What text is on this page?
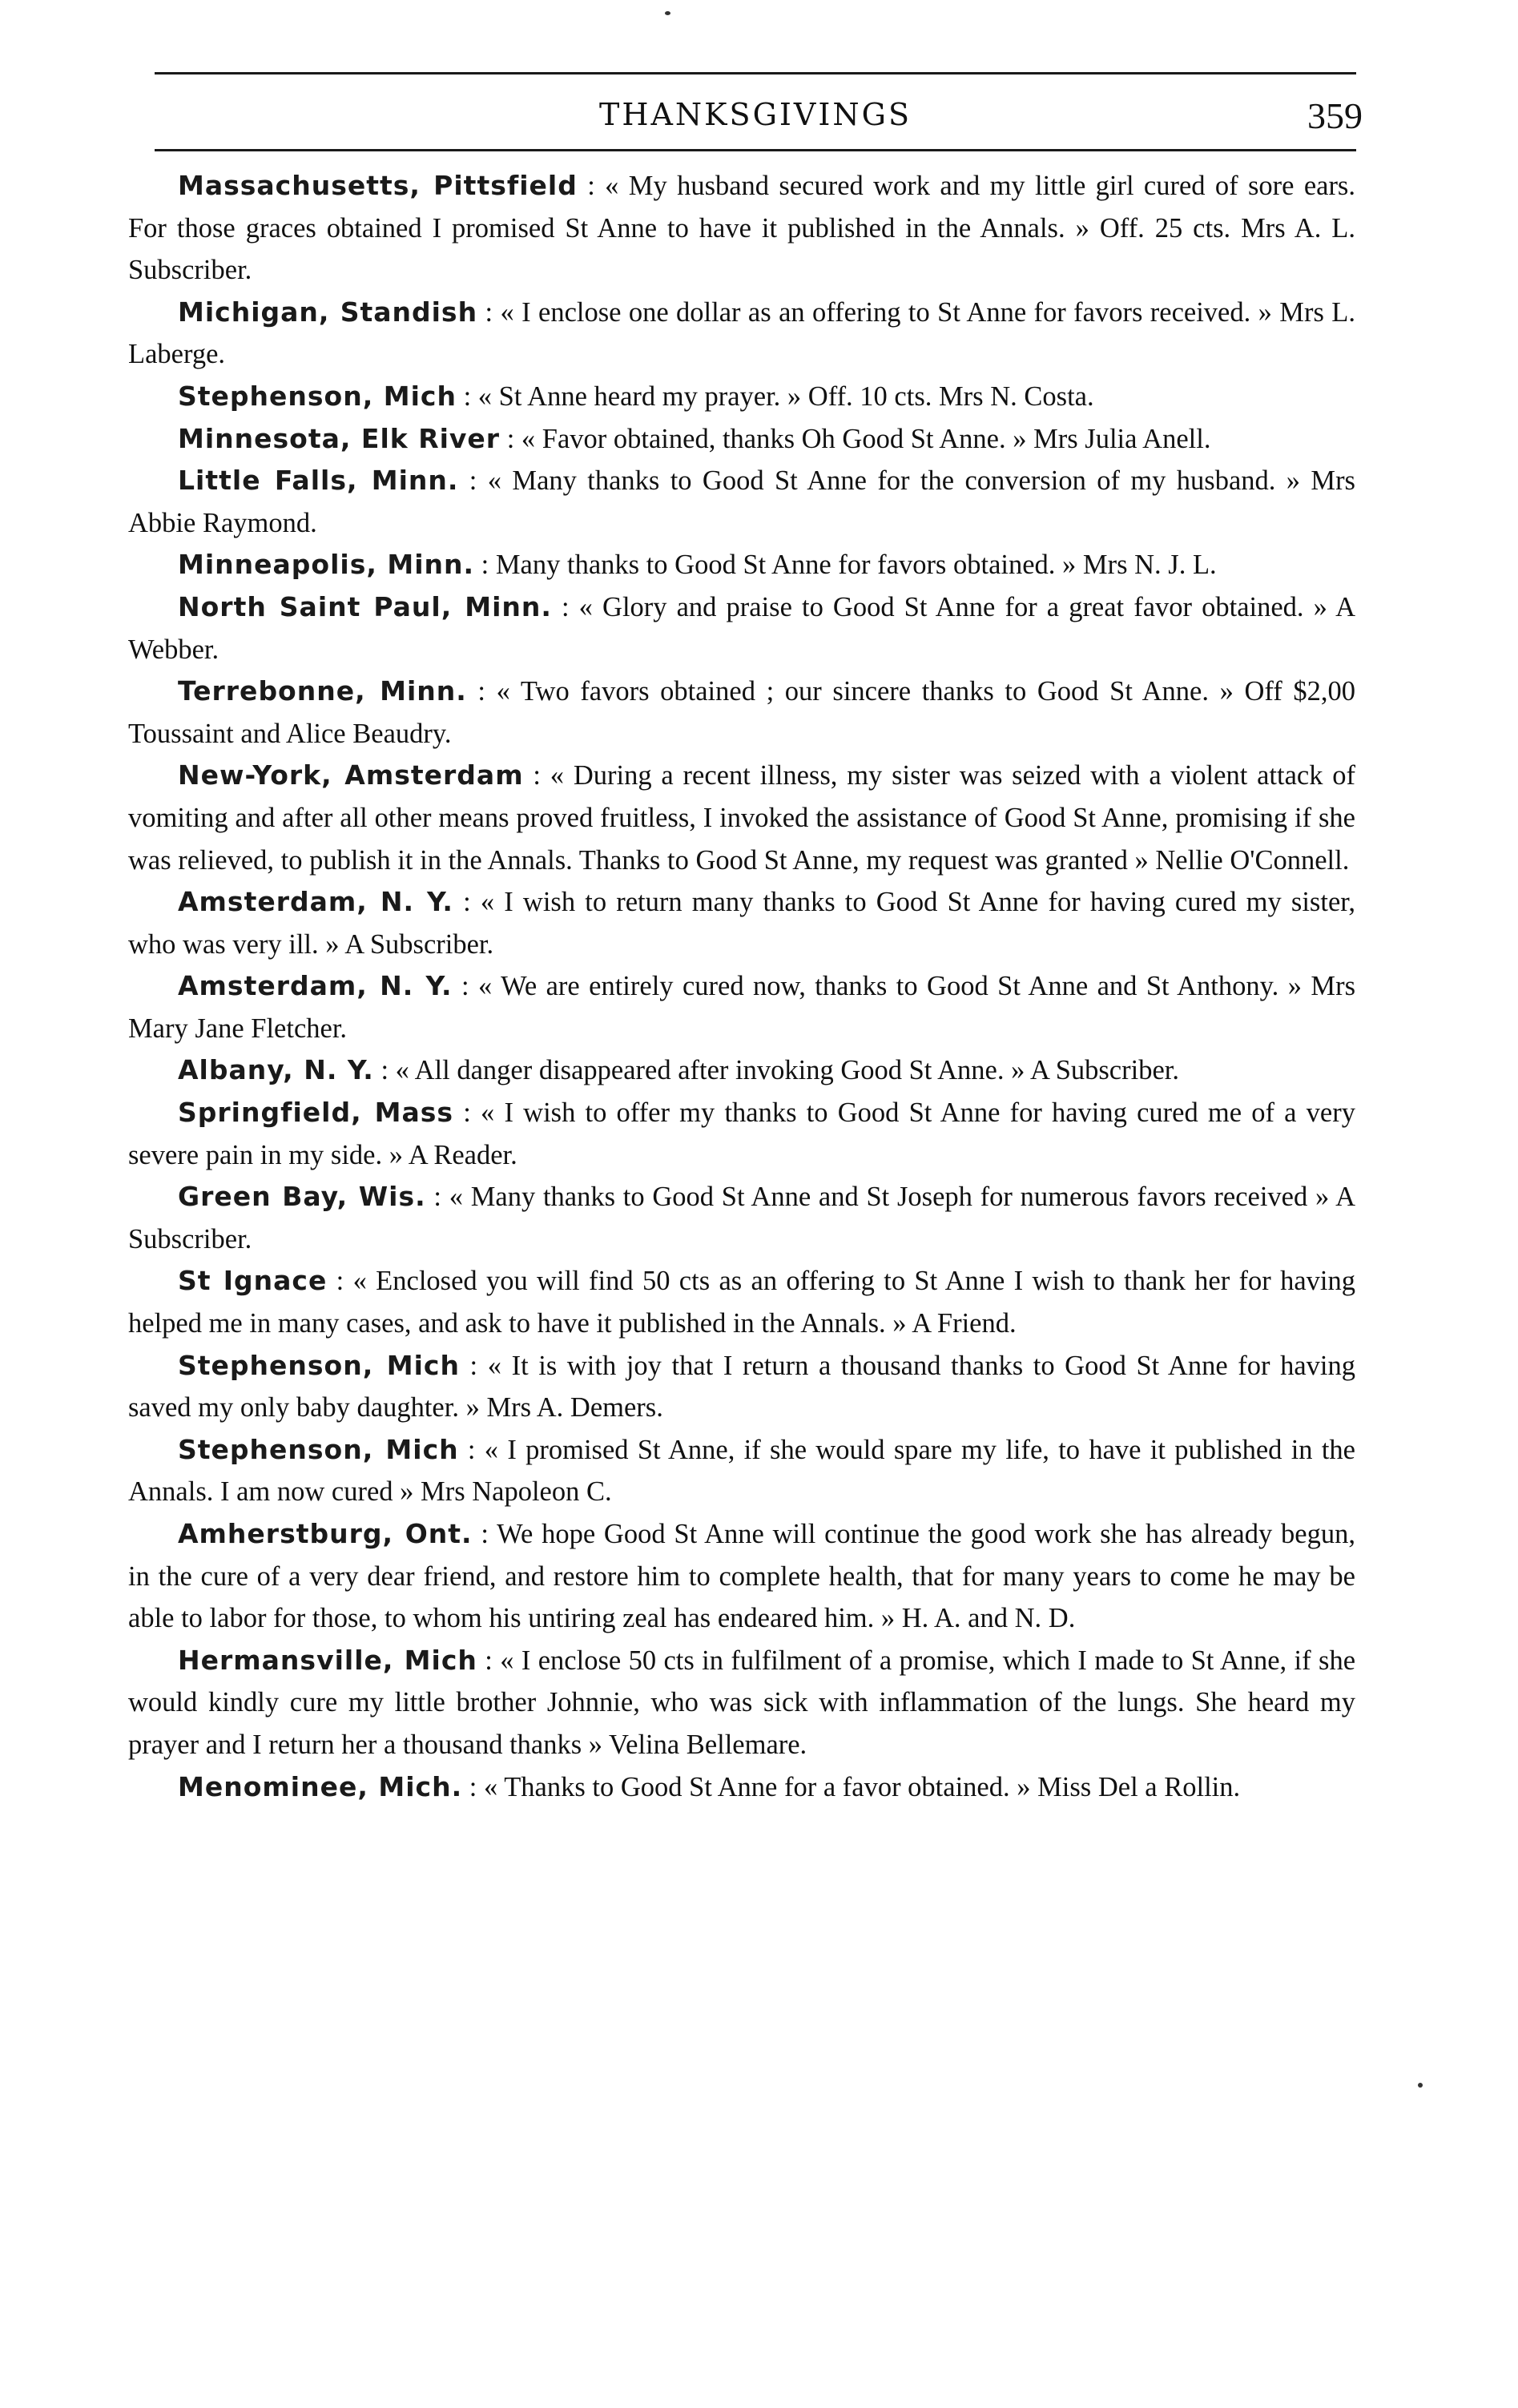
THANKSGIVINGS	359

Massachusetts, Pittsfield : « My husband secured work and my little girl cured of sore ears. For those graces obtained I promised St Anne to have it published in the Annals. » Off. 25 cts. Mrs A. L. Subscriber.

Michigan, Standish : « I enclose one dollar as an offering to St Anne for favors received. » Mrs L. Laberge.

Stephenson, Mich : « St Anne heard my prayer. » Off. 10 cts. Mrs N. Costa.

Minnesota, Elk River : « Favor obtained, thanks Oh Good St Anne. » Mrs Julia Anell.

Little Falls, Minn. : « Many thanks to Good St Anne for the conversion of my husband. » Mrs Abbie Raymond.

Minneapolis, Minn. : Many thanks to Good St Anne for favors obtained. » Mrs N. J. L.

North Saint Paul, Minn. : « Glory and praise to Good St Anne for a great favor obtained. » A Webber.

Terrebonne, Minn. : « Two favors obtained ; our sincere thanks to Good St Anne. » Off $2,00 Toussaint and Alice Beaudry.

New-York, Amsterdam : « During a recent illness, my sister was seized with a violent attack of vomiting and after all other means proved fruitless, I invoked the assistance of Good St Anne, promising if she was relieved, to publish it in the Annals. Thanks to Good St Anne, my request was granted » Nellie O'Connell.

Amsterdam, N. Y. : « I wish to return many thanks to Good St Anne for having cured my sister, who was very ill. » A Subscriber.

Amsterdam, N. Y. : « We are entirely cured now, thanks to Good St Anne and St Anthony. » Mrs Mary Jane Fletcher.

Albany, N. Y. : « All danger disappeared after invoking Good St Anne. » A Subscriber.

Springfield, Mass : « I wish to offer my thanks to Good St Anne for having cured me of a very severe pain in my side. » A Reader.

Green Bay, Wis. : « Many thanks to Good St Anne and St Joseph for numerous favors received » A Subscriber.

St Ignace : « Enclosed you will find 50 cts as an offering to St Anne I wish to thank her for having helped me in many cases, and ask to have it published in the Annals. » A Friend.

Stephenson, Mich : « It is with joy that I return a thousand thanks to Good St Anne for having saved my only baby daughter. » Mrs A. Demers.

Stephenson, Mich : « I promised St Anne, if she would spare my life, to have it published in the Annals. I am now cured » Mrs Napoleon C.

Amherstburg, Ont. : We hope Good St Anne will continue the good work she has already begun, in the cure of a very dear friend, and restore him to complete health, that for many years to come he may be able to labor for those, to whom his untiring zeal has endeared him. » H. A. and N. D.

Hermansville, Mich : « I enclose 50 cts in fulfilment of a promise, which I made to St Anne, if she would kindly cure my little brother Johnnie, who was sick with inflammation of the lungs. She heard my prayer and I return her a thousand thanks » Velina Bellemare.

Menominee, Mich. : « Thanks to Good St Anne for a favor obtained. » Miss Del a Rollin.
